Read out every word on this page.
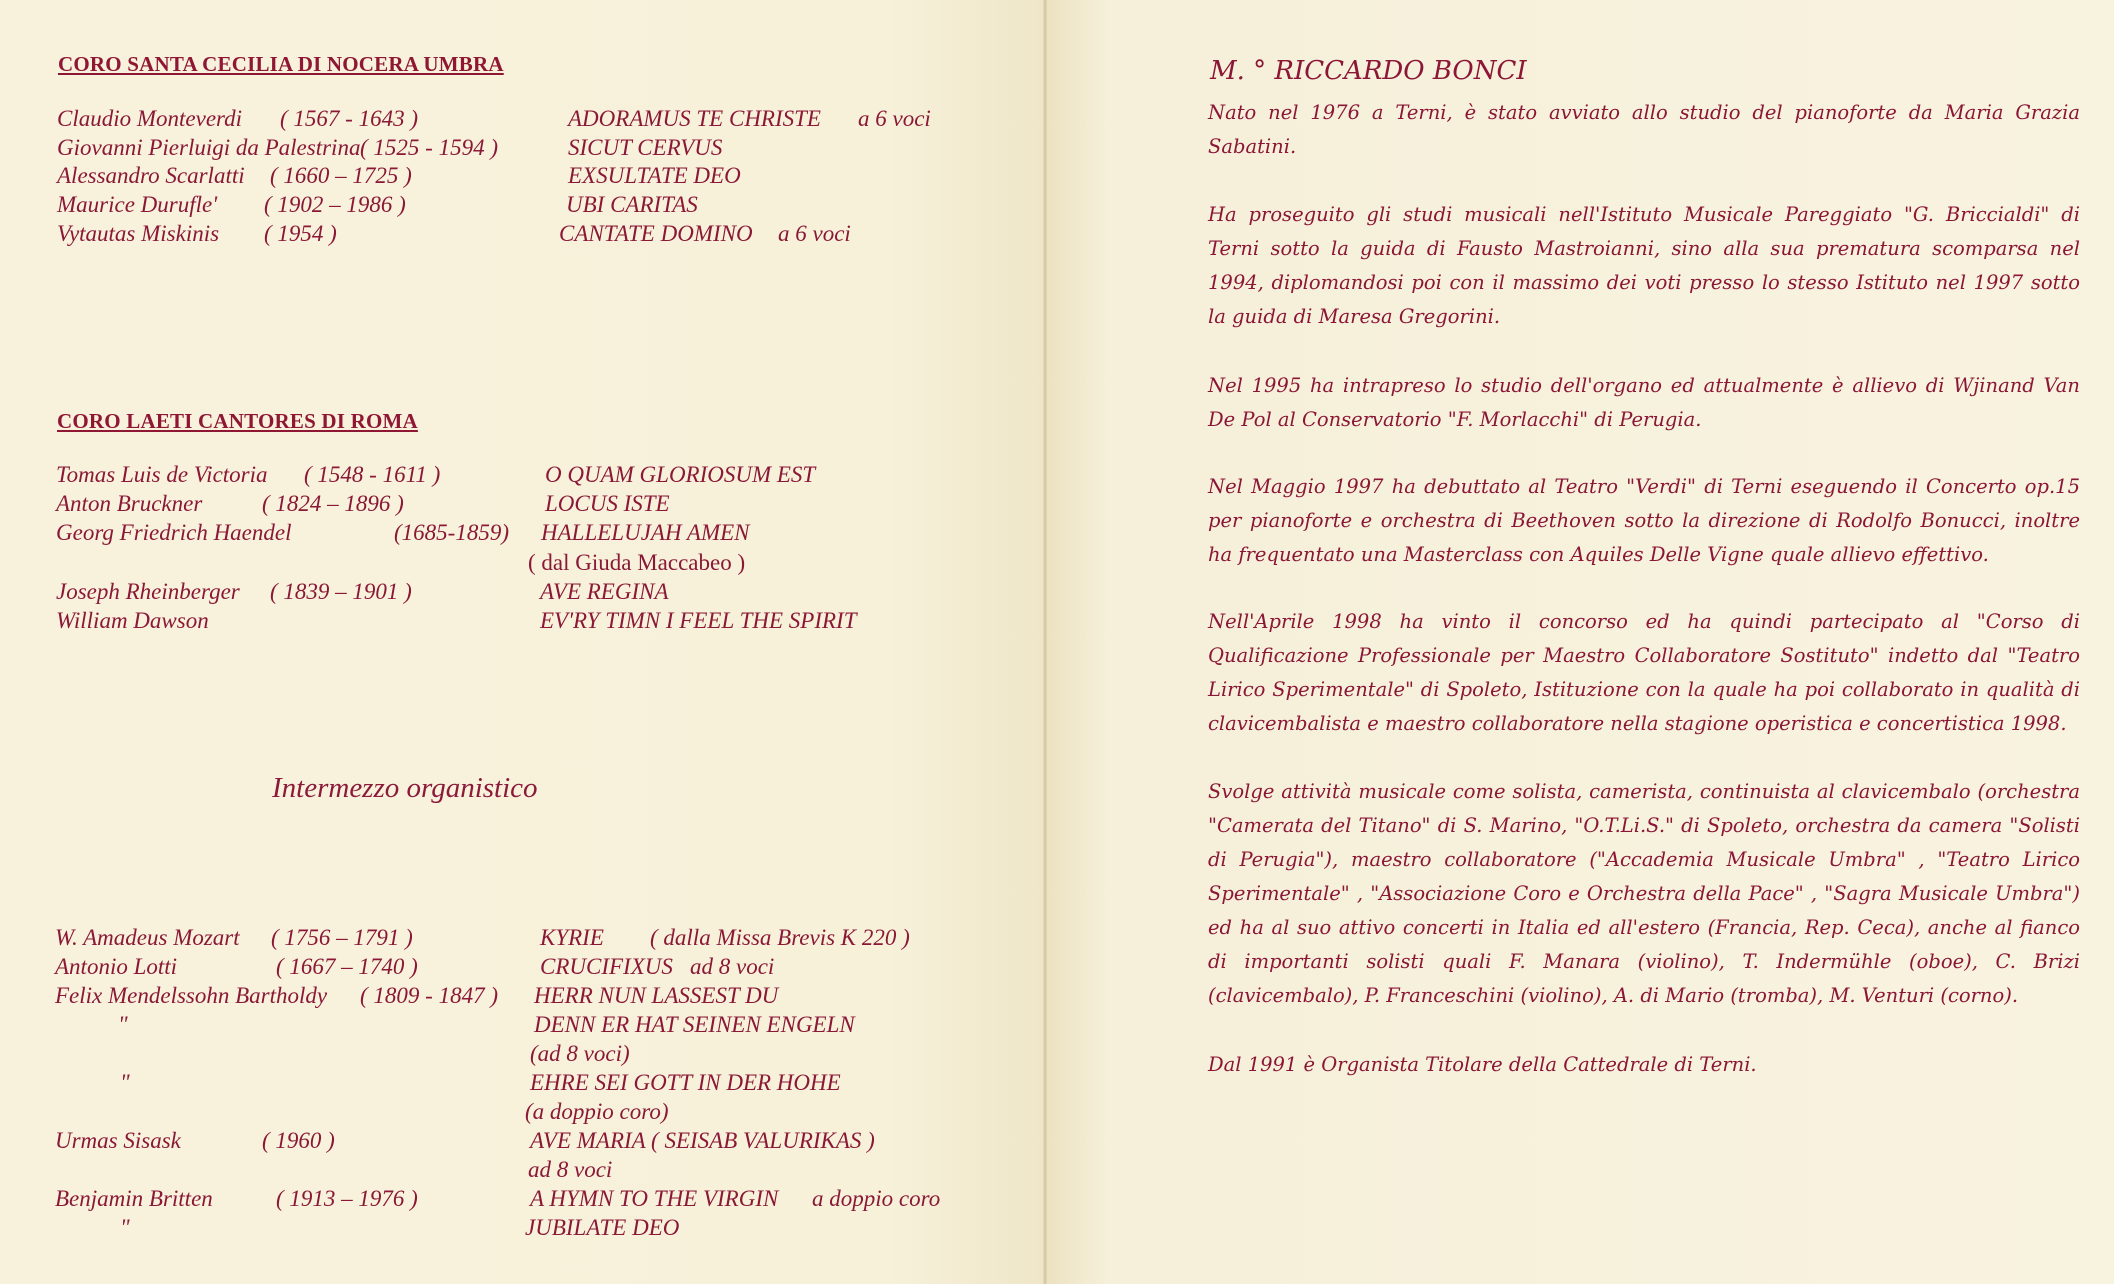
CORO SANTA CECILIA DI NOCERA UMBRA
Claudio Monteverdi ( 1567 - 1643 )	ADORAMUS TE CHRISTE a 6 voci
Giovanni Pierluigi da Palestrina ( 1525 - 1594 )	SICUT CERVUS
Alessandro Scarlatti ( 1660 – 1725 )	EXSULTATE DEO
Maurice Durufle' ( 1902 – 1986 )	UBI CARITAS
Vytautas Miskinis ( 1954 )	CANTATE DOMINO a 6 voci
CORO LAETI CANTORES DI ROMA
Tomas Luis de Victoria ( 1548 - 1611 )	O QUAM GLORIOSUM EST
Anton Bruckner	( 1824 – 1896 )	LOCUS ISTE
Georg Friedrich Haendel	(1685-1859) HALLELUJAH AMEN
( dal Giuda Maccabeo )
Joseph Rheinberger ( 1839 – 1901 )	AVE REGINA
William Dawson	EV'RY TIMN I FEEL THE SPIRIT
Intermezzo organistico
W. Amadeus Mozart ( 1756 – 1791 )	KYRIE ( dalla Missa Brevis K 220 )
Antonio Lotti	( 1667 – 1740 )	CRUCIFIXUS ad 8 voci
Felix Mendelssohn Bartholdy ( 1809 - 1847 ) HERR NUN LASSEST DU
"	DENN ER HAT SEINEN ENGELN
(ad 8 voci)
"	EHRE SEI GOTT IN DER HOHE
(a doppio coro)
Urmas Sisask	( 1960 )	AVE MARIA ( SEISAB VALURIKAS )
ad 8 voci
Benjamin Britten	( 1913 – 1976 )	A HYMN TO THE VIRGIN a doppio coro
"	JUBILATE DEO
M. ° RICCARDO BONCI

Nato nel 1976 a Terni, è stato avviato allo studio del pianoforte da Maria Grazia Sabatini.

Ha proseguito gli studi musicali nell'Istituto Musicale Pareggiato "G. Briccialdi" di Terni sotto la guida di Fausto Mastroianni, sino alla sua prematura scomparsa nel 1994, diplomandosi poi con il massimo dei voti presso lo stesso Istituto nel 1997 sotto la guida di Maresa Gregorini.

Nel 1995 ha intrapreso lo studio dell'organo ed attualmente è allievo di Wjinand Van De Pol al Conservatorio "F. Morlacchi" di Perugia.

Nel Maggio 1997 ha debuttato al Teatro "Verdi" di Terni eseguendo il Concerto op.15 per pianoforte e orchestra di Beethoven sotto la direzione di Rodolfo Bonucci, inoltre ha frequentato una Masterclass con Aquiles Delle Vigne quale allievo effettivo.

Nell'Aprile 1998 ha vinto il concorso ed ha quindi partecipato al "Corso di Qualificazione Professionale per Maestro Collaboratore Sostituto" indetto dal "Teatro Lirico Sperimentale" di Spoleto, Istituzione con la quale ha poi collaborato in qualità di clavicembalista e maestro collaboratore nella stagione operistica e concertistica 1998.

Svolge attività musicale come solista, camerista, continuista al clavicembalo (orchestra "Camerata del Titano" di S. Marino, "O.T.Li.S." di Spoleto, orchestra da camera "Solisti di Perugia"), maestro collaboratore ("Accademia Musicale Umbra" , "Teatro Lirico Sperimentale" , "Associazione Coro e Orchestra della Pace" , "Sagra Musicale Umbra") ed ha al suo attivo concerti in Italia ed all'estero (Francia, Rep. Ceca), anche al fianco di importanti solisti quali F. Manara (violino), T. Indermühle (oboe), C. Brizi (clavicembalo), P. Franceschini (violino), A. di Mario (tromba), M. Venturi (corno).

Dal 1991 è Organista Titolare della Cattedrale di Terni.
